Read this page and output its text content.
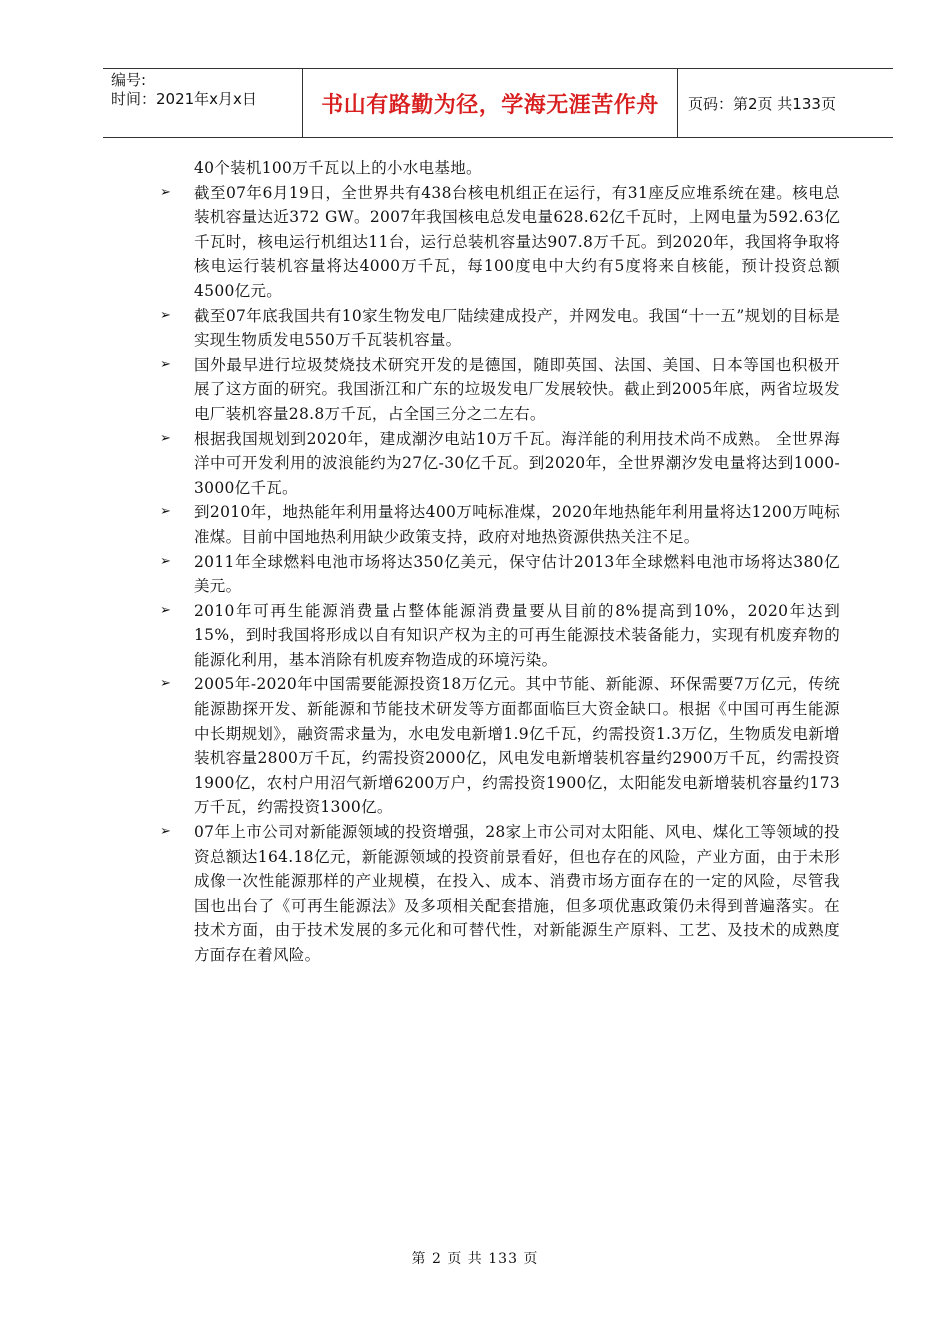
编号:
时间：2021年x月x日	书山有路勤为径，学海无涯苦作舟	页码：第2页 共133页
40个装机100万千瓦以上的小水电基地。
➢	截至07年6月19日，全世界共有438台核电机组正在运行，有31座反应堆系统在建。核电总装机容量达近372 GW。2007年我国核电总发电量628.62亿千瓦时，上网电量为592.63亿千瓦时，核电运行机组达11台，运行总装机容量达907.8万千瓦。到2020年，我国将争取将核电运行装机容量将达4000万千瓦，每100度电中大约有5度将来自核能，预计投资总额4500亿元。
➢	截至07年底我国共有10家生物发电厂陆续建成投产，并网发电。我国“十一五”规划的目标是实现生物质发电550万千瓦装机容量。
➢	国外最早进行垃圾焚烧技术研究开发的是德国，随即英国、法国、美国、日本等国也积极开展了这方面的研究。我国浙江和广东的垃圾发电厂发展较快。截止到2005年底，两省垃圾发电厂装机容量28.8万千瓦，占全国三分之二左右。
➢	根据我国规划到2020年，建成潮汐电站10万千瓦。海洋能的利用技术尚不成熟。 全世界海洋中可开发利用的波浪能约为27亿-30亿千瓦。到2020年，全世界潮汐发电量将达到1000-3000亿千瓦。
➢	到2010年，地热能年利用量将达400万吨标准煤，2020年地热能年利用量将达1200万吨标准煤。目前中国地热利用缺少政策支持，政府对地热资源供热关注不足。
➢	2011年全球燃料电池市场将达350亿美元，保守估计2013年全球燃料电池市场将达380亿美元。
➢	2010年可再生能源消费量占整体能源消费量要从目前的8%提高到10%，2020年达到15%，到时我国将形成以自有知识产权为主的可再生能源技术装备能力，实现有机废弃物的能源化利用，基本消除有机废弃物造成的环境污染。
➢	2005年-2020年中国需要能源投资18万亿元。其中节能、新能源、环保需要7万亿元，传统能源勘探开发、新能源和节能技术研发等方面都面临巨大资金缺口。根据《中国可再生能源中长期规划》，融资需求量为，水电发电新增1.9亿千瓦，约需投资1.3万亿，生物质发电新增装机容量2800万千瓦，约需投资2000亿，风电发电新增装机容量约2900万千瓦，约需投资1900亿，农村户用沼气新增6200万户，约需投资1900亿，太阳能发电新增装机容量约173万千瓦，约需投资1300亿。
➢	07年上市公司对新能源领域的投资增强，28家上市公司对太阳能、风电、煤化工等领域的投资总额达164.18亿元，新能源领域的投资前景看好，但也存在的风险，产业方面，由于未形成像一次性能源那样的产业规模，在投入、成本、消费市场方面存在的一定的风险，尽管我国也出台了《可再生能源法》及多项相关配套措施，但多项优惠政策仍未得到普遍落实。在技术方面，由于技术发展的多元化和可替代性，对新能源生产原料、工艺、及技术的成熟度方面存在着风险。
第 2 页 共 133 页
